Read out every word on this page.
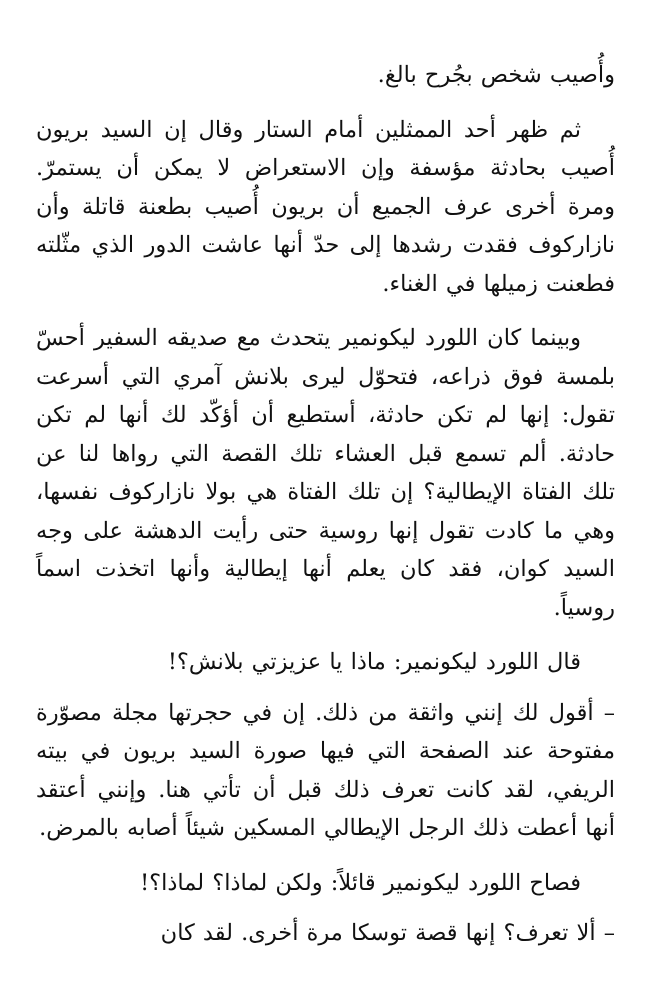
وأُصيب شخص بجُرح بالغ.

ثم ظهر أحد الممثلين أمام الستار وقال إن السيد بريون أُصيب بحادثة مؤسفة وإن الاستعراض لا يمكن أن يستمرّ. ومرة أخرى عرف الجميع أن بريون أُصيب بطعنة قاتلة وأن نازاركوف فقدت رشدها إلى حدّ أنها عاشت الدور الذي مثّلته فطعنت زميلها في الغناء.

وبينما كان اللورد ليكونمير يتحدث مع صديقه السفير أحسّ بلمسة فوق ذراعه، فتحوّل ليرى بلانش آمري التي أسرعت تقول: إنها لم تكن حادثة، أستطيع أن أؤكّد لك أنها لم تكن حادثة. ألم تسمع قبل العشاء تلك القصة التي رواها لنا عن تلك الفتاة الإيطالية؟ إن تلك الفتاة هي بولا نازاركوف نفسها، وهي ما كادت تقول إنها روسية حتى رأيت الدهشة على وجه السيد كوان، فقد كان يعلم أنها إيطالية وأنها اتخذت اسماً روسياً.

قال اللورد ليكونمير: ماذا يا عزيزتي بلانش؟!

– أقول لك إنني واثقة من ذلك. إن في حجرتها مجلة مصوّرة مفتوحة عند الصفحة التي فيها صورة السيد بريون في بيته الريفي، لقد كانت تعرف ذلك قبل أن تأتي هنا. وإنني أعتقد أنها أعطت ذلك الرجل الإيطالي المسكين شيئاً أصابه بالمرض.

فصاح اللورد ليكونمير قائلاً: ولكن لماذا؟ لماذا؟!

– ألا تعرف؟ إنها قصة توسكا مرة أخرى. لقد كان
